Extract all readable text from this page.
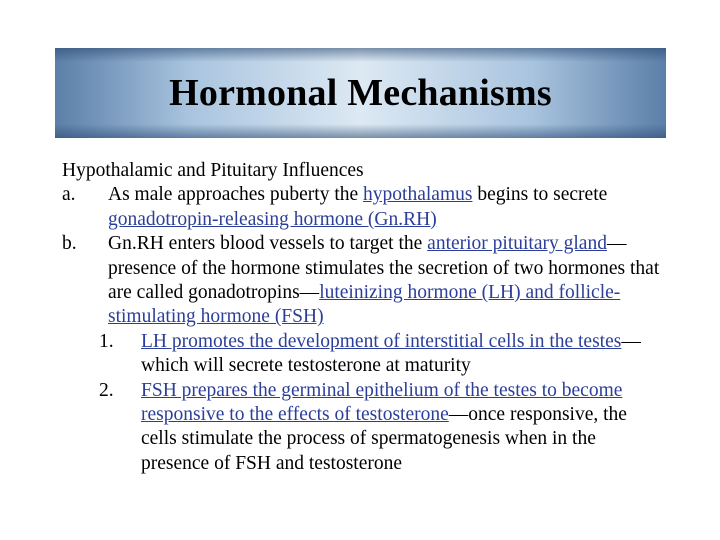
Hormonal Mechanisms
Hypothalamic and Pituitary Influences
a.	As male approaches puberty the hypothalamus begins to secrete gonadotropin-releasing hormone (Gn.RH)
b.	Gn.RH enters blood vessels to target the anterior pituitary gland—presence of the hormone stimulates the secretion of two hormones that are called gonadotropins—luteinizing hormone (LH) and follicle-stimulating hormone (FSH)
1.	LH promotes the development of interstitial cells in the testes—which will secrete testosterone at maturity
2.	FSH prepares the germinal epithelium of the testes to become responsive to the effects of testosterone—once responsive, the cells stimulate the process of spermatogenesis when in the presence of FSH and testosterone
